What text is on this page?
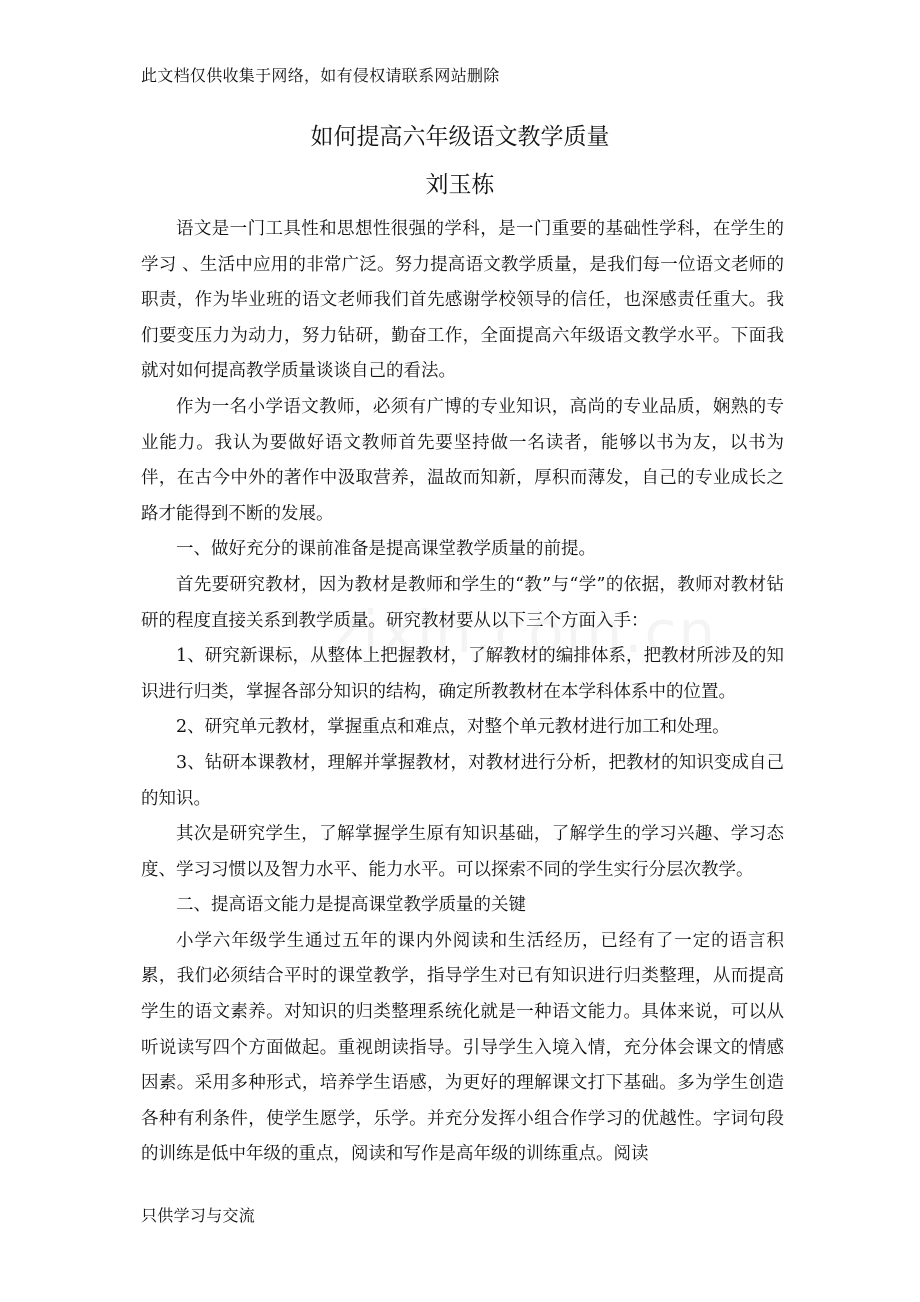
此文档仅供收集于网络，如有侵权请联系网站删除
如何提高六年级语文教学质量
刘玉栋

语文是一门工具性和思想性很强的学科，是一门重要的基础性学科，在学生的学习 、生活中应用的非常广泛。努力提高语文教学质量，是我们每一位语文老师的职责，作为毕业班的语文老师我们首先感谢学校领导的信任，也深感责任重大。我们要变压力为动力，努力钻研，勤奋工作，全面提高六年级语文教学水平。下面我就对如何提高教学质量谈谈自己的看法。

作为一名小学语文教师，必须有广博的专业知识，高尚的专业品质，娴熟的专业能力。我认为要做好语文教师首先要坚持做一名读者，能够以书为友，以书为伴，在古今中外的著作中汲取营养，温故而知新，厚积而薄发，自己的专业成长之路才能得到不断的发展。

一、做好充分的课前准备是提高课堂教学质量的前提。

首先要研究教材，因为教材是教师和学生的“教”与“学”的依据，教师对教材钻研的程度直接关系到教学质量。研究教材要从以下三个方面入手：

1、研究新课标，从整体上把握教材，了解教材的编排体系，把教材所涉及的知识进行归类，掌握各部分知识的结构，确定所教教材在本学科体系中的位置。

2、研究单元教材，掌握重点和难点，对整个单元教材进行加工和处理。

3、钻研本课教材，理解并掌握教材，对教材进行分析，把教材的知识变成自己的知识。

其次是研究学生，了解掌握学生原有知识基础，了解学生的学习兴趣、学习态度、学习习惯以及智力水平、能力水平。可以探索不同的学生实行分层次教学。

二、提高语文能力是提高课堂教学质量的关键

小学六年级学生通过五年的课内外阅读和生活经历，已经有了一定的语言积累，我们必须结合平时的课堂教学，指导学生对已有知识进行归类整理，从而提高学生的语文素养。对知识的归类整理系统化就是一种语文能力。具体来说，可以从听说读写四个方面做起。重视朗读指导。引导学生入境入情，充分体会课文的情感因素。采用多种形式，培养学生语感，为更好的理解课文打下基础。多为学生创造各种有利条件，使学生愿学，乐学。并充分发挥小组合作学习的优越性。字词句段的训练是低中年级的重点，阅读和写作是高年级的训练重点。阅读

只供学习与交流
